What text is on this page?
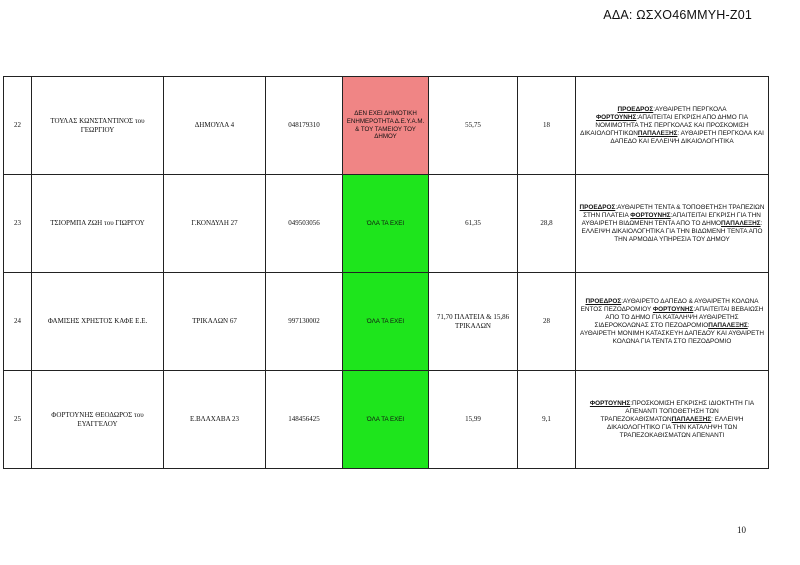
ΑΔΑ: ΩΣΧΟ46ΜΜΥΗ-Ζ01
22	ΤΟΥΛΑΣ ΚΩΝΣΤΑΝΤΙΝΟΣ του ΓΕΩΡΓΙΟΥ	ΔΗΜΟΥΛΑ 4	048179310	ΔΕΝ ΕΧΕΙ ΔΗΜΟΤΙΚΗ ΕΝΗΜΕΡΟΤΗΤΑ Δ.Ε.Υ.Α.Μ. & ΤΟΥ ΤΑΜΕΙΟΥ ΤΟΥ ΔΗΜΟΥ	55,75	18	ΠΡΟΕΔΡΟΣ:ΑΥΘΑΙΡΕΤΗ ΠΕΡΓΚΟΛΑ ΦΟΡΤΟΥΝΗΣ:ΑΠΑΙΤΕΙΤΑΙ ΕΓΚΡΙΣΗ ΑΠΟ ΔΗΜΟ ΓΙΑ ΝΟΜΙΜΟΤΗΤΑ ΤΗΣ ΠΕΡΓΚΟΛΑΣ ΚΑΙ ΠΡΟΣΚΟΜΙΣΗ ΔΙΚΑΙΟΛΟΓΗΤΙΚΩΝΠΑΠΑΛΕΞΗΣ: ΑΥΘΑΙΡΕΤΗ ΠΕΡΓΚΟΛΑ ΚΑΙ ΔΑΠΕΔΟ ΚΑΙ ΕΛΛΕΙΨΗ ΔΙΚΑΙΟΛΟΓΗΤΙΚΑ
23	ΤΣΙΟΡΜΠΑ ΖΩΗ του ΓΙΩΡΓΟΥ	Γ.ΚΟΝΔΥΛΗ 27	049503056	ΌΛΑ ΤΑ ΕΧΕΙ	61,35	28,8	ΠΡΟΕΔΡΟΣ:ΑΥΘΑΙΡΕΤΗ ΤΕΝΤΑ & ΤΟΠΟΘΕΤΗΣΗ ΤΡΑΠΕΖΙΩΝ ΣΤΗΝ ΠΛΑΤΕΙΑ ΦΟΡΤΟΥΝΗΣ:ΑΠΑΙΤΕΙΤΑΙ ΕΓΚΡΙΣΗ ΓΙΑ ΤΗΝ ΑΥΘΑΙΡΕΤΗ ΒΙΔΩΜΕΝΗ ΤΕΝΤΑ ΑΠΟ ΤΟ ΔΗΜΟΠΑΠΑΛΕΞΗΣ: ΕΛΛΕΙΨΗ ΔΙΚΑΙΟΛΟΓΗΤΙΚΑ ΓΙΑ ΤΗΝ ΒΙΔΩΜΕΝΗ ΤΕΝΤΑ ΑΠΟ ΤΗΝ ΑΡΜΟΔΙΑ ΥΠΗΡΕΣΙΑ ΤΟΥ ΔΗΜΟΥ
24	ΦΑΜΙΣΗΣ ΧΡΗΣΤΟΣ ΚΑΦΕ Ε.Ε.	ΤΡΙΚΑΛΩΝ 67	997130002	ΌΛΑ ΤΑ ΕΧΕΙ	71,70 ΠΛΑΤΕΙΑ & 15,86 ΤΡΙΚΑΛΩΝ	28	ΠΡΟΕΔΡΟΣ:ΑΥΘΑΙΡΕΤΟ ΔΑΠΕΔΟ & ΑΥΘΑΙΡΕΤΗ ΚΟΛΩΝΑ ΕΝΤΟΣ ΠΕΖΟΔΡΟΜΙΟΥ ΦΟΡΤΟΥΝΗΣ:ΑΠΑΙΤΕΙΤΑΙ ΒΕΒΑΙΩΣΗ ΑΠΟ ΤΟ ΔΗΜΟ ΓΙΑ ΚΑΤΑΛΗΨΗ ΑΥΘΑΙΡΕΤΗΣ ΣΙΔΕΡΟΚΟΛΩΝΑΣ ΣΤΟ ΠΕΖΟΔΡΟΜΙΟΠΑΠΑΛΕΞΗΣ: ΑΥΘΑΙΡΕΤΗ ΜΟΝΙΜΗ ΚΑΤΑΣΚΕΥΗ ΔΑΠΕΔΟΥ ΚΑΙ ΑΥΘΑΙΡΕΤΗ ΚΟΛΩΝΑ ΓΙΑ ΤΕΝΤΑ ΣΤΟ ΠΕΖΟΔΡΟΜΙΟ
25	ΦΟΡΤΟΥΝΗΣ ΘΕΟΔΩΡΟΣ του ΕΥΑΓΓΕΛΟΥ	Ε.ΒΛΑΧΑΒΑ 23	148456425	ΌΛΑ ΤΑ ΕΧΕΙ	15,99	9,1	ΦΟΡΤΟΥΝΗΣ:ΠΡΟΣΚΟΜΙΣΗ ΕΓΚΡΙΣΗΣ ΙΔΙΟΚΤΗΤΗ ΓΙΑ ΑΠΕΝΑΝΤΙ ΤΟΠΟΘΕΤΗΣΗ ΤΩΝ ΤΡΑΠΕΖΟΚΑΘΙΣΜΑΤΩΝΠΑΠΑΛΕΞΗΣ: ΕΛΛΕΙΨΗ ΔΙΚΑΙΟΛΟΓΗΤΙΚΟ ΓΙΑ ΤΗΝ ΚΑΤΑΛΗΨΗ ΤΩΝ ΤΡΑΠΕΖΟΚΑΘΙΣΜΑΤΩΝ ΑΠΕΝΑΝΤΙ
10
